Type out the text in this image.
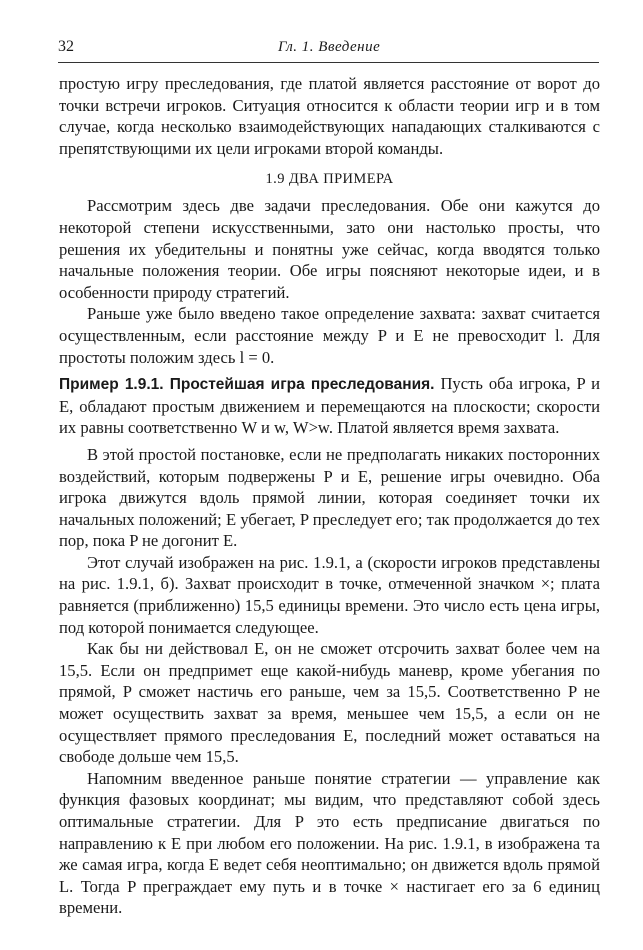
32	Гл. 1. Введение

простую игру преследования, где платой является расстояние от ворот до точки встречи игроков. Ситуация относится к области теории игр и в том случае, когда несколько взаимодействующих нападающих сталкиваются с препятствующими их цели игроками второй команды.

1.9 ДВА ПРИМЕРА

Рассмотрим здесь две задачи преследования. Обе они кажутся до некоторой степени искусственными, зато они настолько просты, что решения их убедительны и понятны уже сейчас, когда вводятся только начальные положения теории. Обе игры поясняют некоторые идеи, и в особенности природу стратегий.

Раньше уже было введено такое определение захвата: захват считается осуществленным, если расстояние между P и E не превосходит l. Для простоты положим здесь l = 0.

Пример 1.9.1. Простейшая игра преследования. Пусть оба игрока, P и E, обладают простым движением и перемещаются на плоскости; скорости их равны соответственно W и w, W>w. Платой является время захвата.

В этой простой постановке, если не предполагать никаких посторонних воздействий, которым подвержены P и E, решение игры очевидно. Оба игрока движутся вдоль прямой линии, которая соединяет точки их начальных положений; E убегает, P преследует его; так продолжается до тех пор, пока P не догонит E.

Этот случай изображен на рис. 1.9.1, а (скорости игроков представлены на рис. 1.9.1, б). Захват происходит в точке, отмеченной значком ×; плата равняется (приближенно) 15,5 единицы времени. Это число есть цена игры, под которой понимается следующее.

Как бы ни действовал E, он не сможет отсрочить захват более чем на 15,5. Если он предпримет еще какой-нибудь маневр, кроме убегания по прямой, P сможет настичь его раньше, чем за 15,5. Соответственно P не может осуществить захват за время, меньшее чем 15,5, а если он не осуществляет прямого преследования E, последний может оставаться на свободе дольше чем 15,5.

Напомним введенное раньше понятие стратегии — управление как функция фазовых координат; мы видим, что представляют собой здесь оптимальные стратегии. Для P это есть предписание двигаться по направлению к E при любом его положении. На рис. 1.9.1, в изображена та же самая игра, когда E ведет себя неоптимально; он движется вдоль прямой L. Тогда P преграждает ему путь и в точке × настигает его за 6 единиц времени.
